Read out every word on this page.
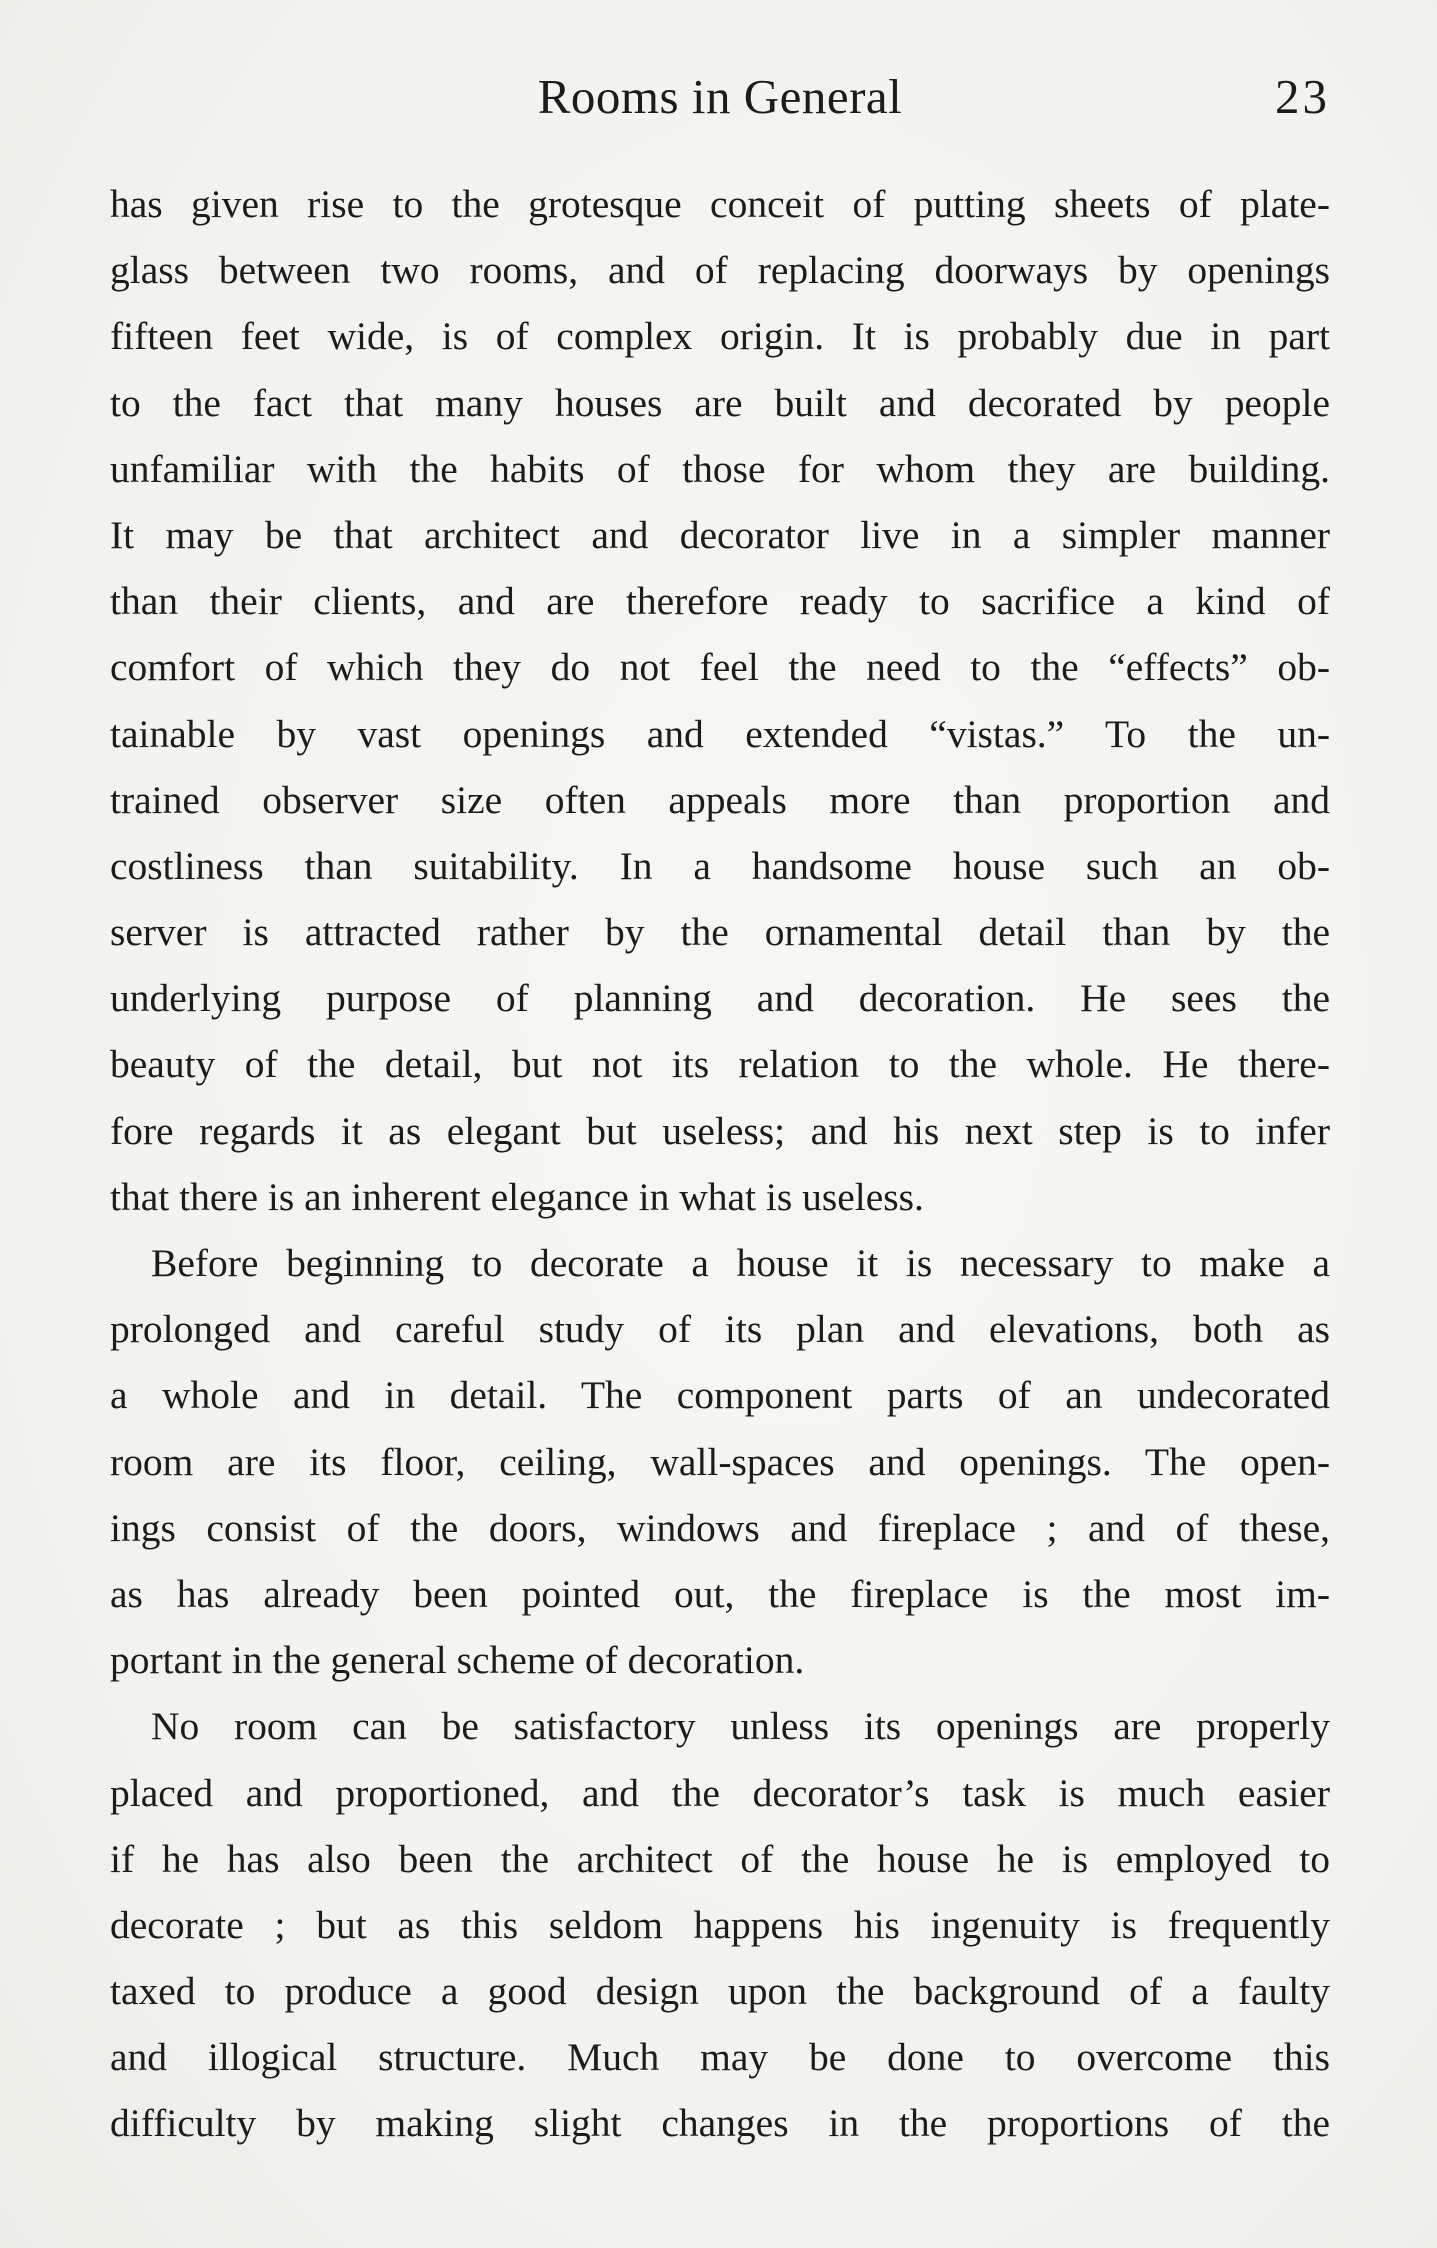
Rooms in General	23
has given rise to the grotesque conceit of putting sheets of plate-
glass between two rooms, and of replacing doorways by openings
fifteen feet wide, is of complex origin. It is probably due in part
to the fact that many houses are built and decorated by people
unfamiliar with the habits of those for whom they are building.
It may be that architect and decorator live in a simpler manner
than their clients, and are therefore ready to sacrifice a kind of
comfort of which they do not feel the need to the “effects” ob-
tainable by vast openings and extended “vistas.” To the un-
trained observer size often appeals more than proportion and
costliness than suitability. In a handsome house such an ob-
server is attracted rather by the ornamental detail than by the
underlying purpose of planning and decoration. He sees the
beauty of the detail, but not its relation to the whole. He there-
fore regards it as elegant but useless; and his next step is to infer
that there is an inherent elegance in what is useless.
Before beginning to decorate a house it is necessary to make a
prolonged and careful study of its plan and elevations, both as
a whole and in detail. The component parts of an undecorated
room are its floor, ceiling, wall-spaces and openings. The open-
ings consist of the doors, windows and fireplace ; and of these,
as has already been pointed out, the fireplace is the most im-
portant in the general scheme of decoration.
No room can be satisfactory unless its openings are properly
placed and proportioned, and the decorator’s task is much easier
if he has also been the architect of the house he is employed to
decorate ; but as this seldom happens his ingenuity is frequently
taxed to produce a good design upon the background of a faulty
and illogical structure. Much may be done to overcome this
difficulty by making slight changes in the proportions of the
